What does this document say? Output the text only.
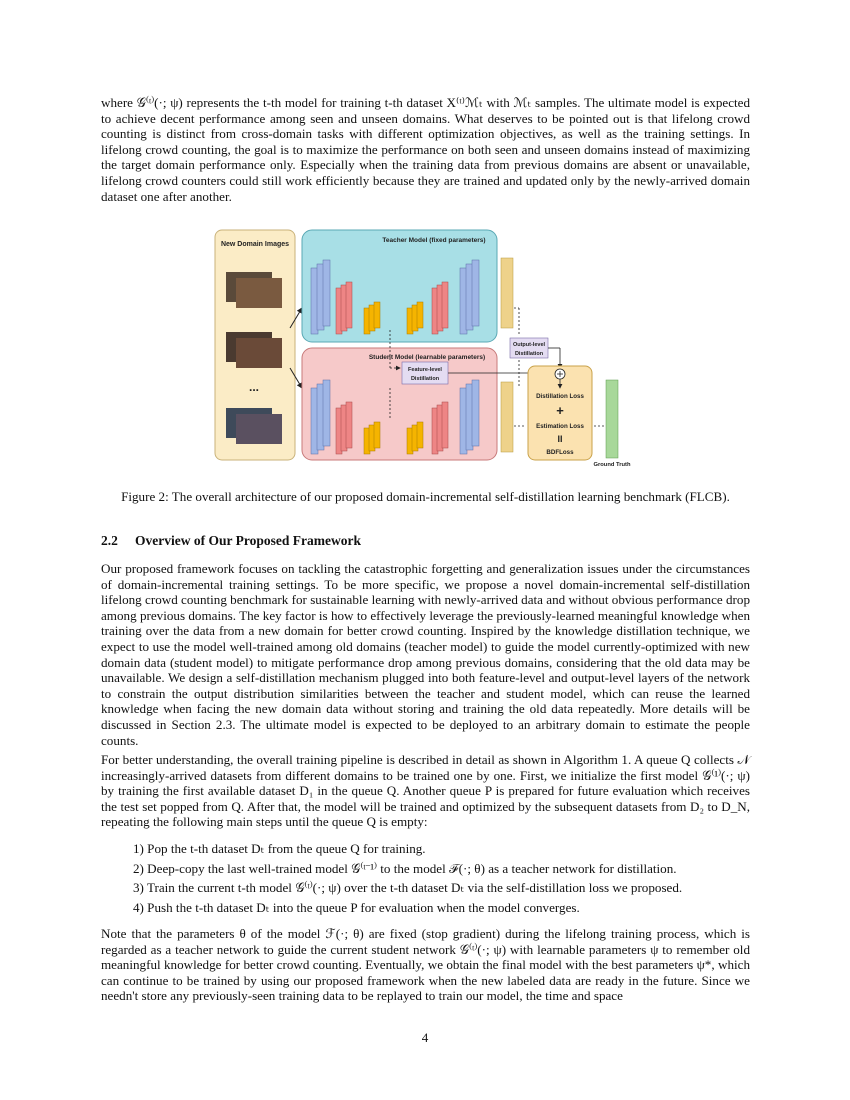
where 𝒢⁽ᵗ⁾(·; ψ) represents the t-th model for training t-th dataset X⁽ᵗ⁾ℳₜ with ℳₜ samples. The ultimate model is expected to achieve decent performance among seen and unseen domains. What deserves to be pointed out is that lifelong crowd counting is distinct from cross-domain tasks with different optimization objectives, as well as the training settings. In lifelong crowd counting, the goal is to maximize the performance on both seen and unseen domains instead of maximizing the target domain performance only. Especially when the training data from previous domains are absent or unavailable, lifelong crowd counters could still work efficiently because they are trained and updated only by the newly-arrived domain dataset one after another.

New Domain Images
...
Teacher Model (fixed parameters)
Student Model (learnable parameters)
Feature-level
Distillation
Output-level
Distillation
Distillation Loss
+
Estimation Loss
II
BDFLoss
Ground Truth
Figure 2: The overall architecture of our proposed domain-incremental self-distillation learning benchmark (FLCB).
2.2 Overview of Our Proposed Framework

Our proposed framework focuses on tackling the catastrophic forgetting and generalization issues under the circumstances of domain-incremental training settings. To be more specific, we propose a novel domain-incremental self-distillation lifelong crowd counting benchmark for sustainable learning with newly-arrived data and without obvious performance drop among previous domains. The key factor is how to effectively leverage the previously-learned meaningful knowledge when training over the data from a new domain for better crowd counting. Inspired by the knowledge distillation technique, we expect to use the model well-trained among old domains (teacher model) to guide the model currently-optimized with new domain data (student model) to mitigate performance drop among previous domains, considering that the old data may be unavailable. We design a self-distillation mechanism plugged into both feature-level and output-level layers of the network to constrain the output distribution similarities between the teacher and student model, which can reuse the learned knowledge when facing the new domain data without storing and training the old data repeatedly. More details will be discussed in Section 2.3. The ultimate model is expected to be deployed to an arbitrary domain to estimate the people counts.

For better understanding, the overall training pipeline is described in detail as shown in Algorithm 1. A queue Q collects 𝒩 increasingly-arrived datasets from different domains to be trained one by one. First, we initialize the first model 𝒢⁽¹⁾(·; ψ) by training the first available dataset D₁ in the queue Q. Another queue P is prepared for future evaluation which receives the test set popped from Q. After that, the model will be trained and optimized by the subsequent datasets from D₂ to D_N, repeating the following main steps until the queue Q is empty:

1) Pop the t-th dataset Dₜ from the queue Q for training.
2) Deep-copy the last well-trained model 𝒢⁽ᵗ⁻¹⁾ to the model ℱ(·; θ) as a teacher network for distillation.
3) Train the current t-th model 𝒢⁽ᵗ⁾(·; ψ) over the t-th dataset Dₜ via the self-distillation loss we proposed.
4) Push the t-th dataset Dₜ into the queue P for evaluation when the model converges.

Note that the parameters θ of the model ℱ(·; θ) are fixed (stop gradient) during the lifelong training process, which is regarded as a teacher network to guide the current student network 𝒢⁽ᵗ⁾(·; ψ) with learnable parameters ψ to remember old meaningful knowledge for better crowd counting. Eventually, we obtain the final model with the best parameters ψ*, which can continue to be trained by using our proposed framework when the new labeled data are ready in the future. Since we needn't store any previously-seen training data to be replayed to train our model, the time and space

4
